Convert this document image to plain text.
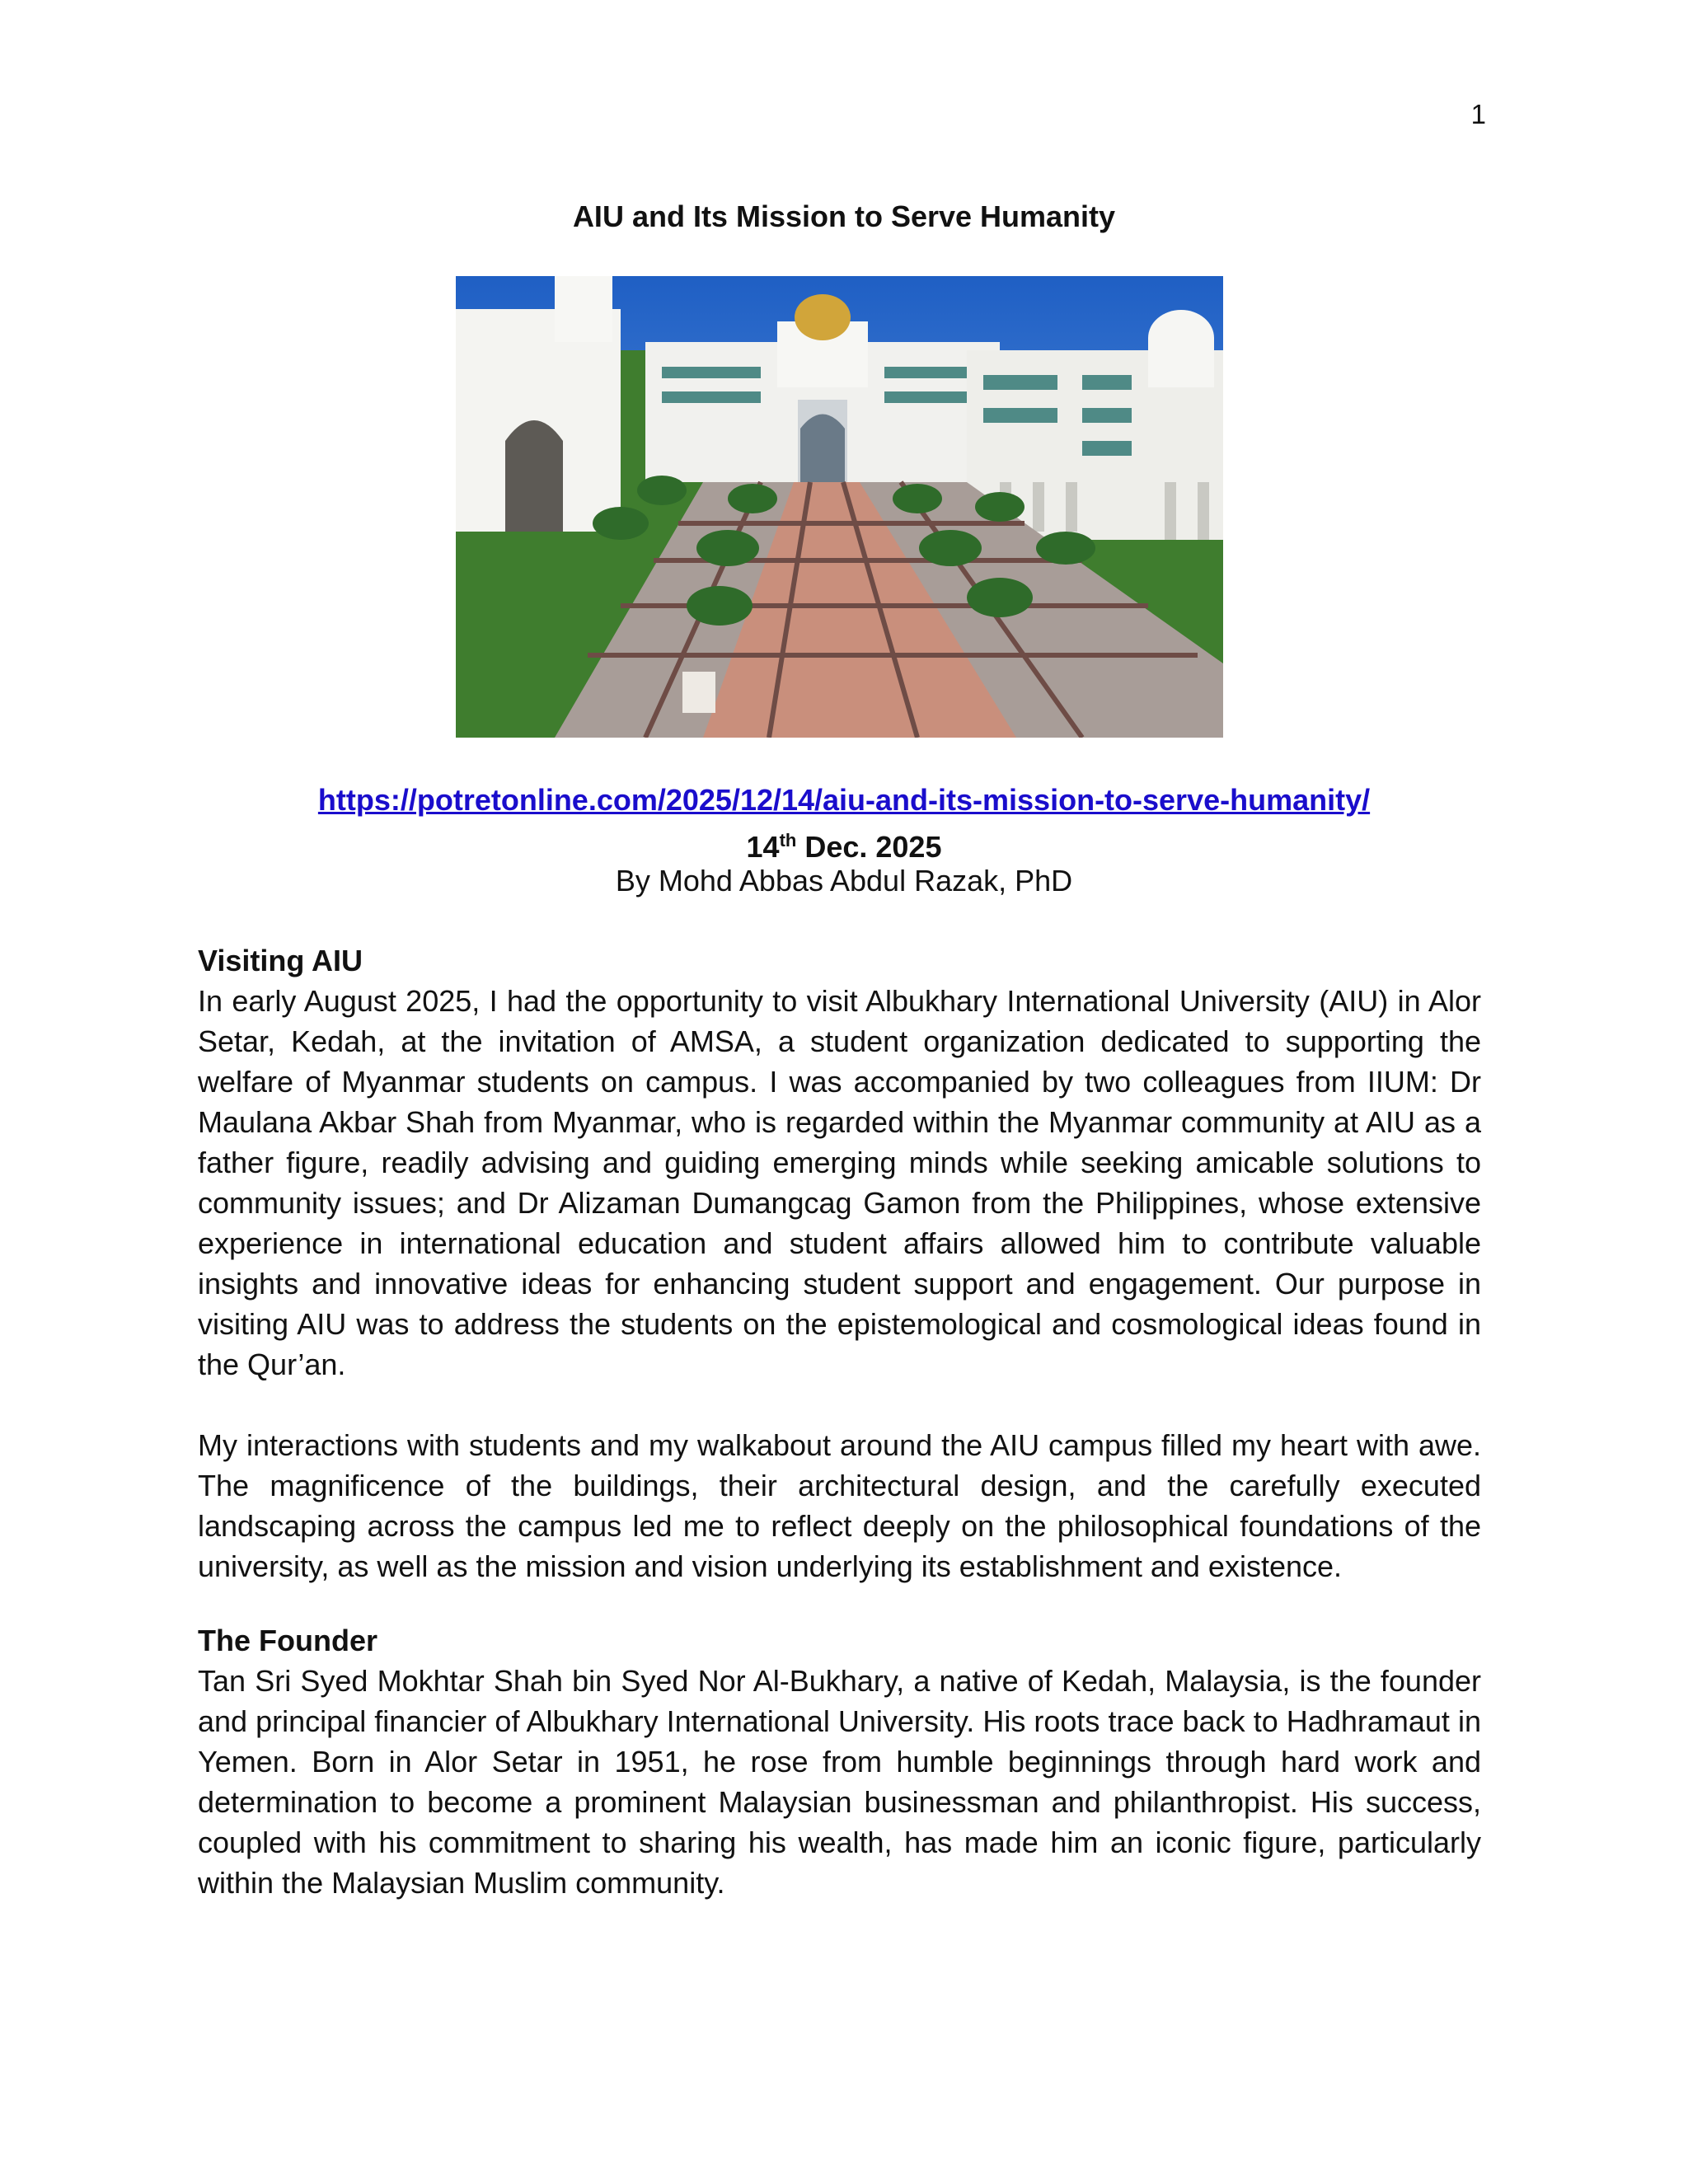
1
AIU and Its Mission to Serve Humanity
https://potretonline.com/2025/12/14/aiu-and-its-mission-to-serve-humanity/
14th Dec. 2025
By Mohd Abbas Abdul Razak, PhD
Visiting AIU
In early August 2025, I had the opportunity to visit Albukhary International University (AIU) in Alor Setar, Kedah, at the invitation of AMSA, a student organization dedicated to supporting the welfare of Myanmar students on campus. I was accompanied by two colleagues from IIUM: Dr Maulana Akbar Shah from Myanmar, who is regarded within the Myanmar community at AIU as a father figure, readily advising and guiding emerging minds while seeking amicable solutions to community issues; and Dr Alizaman Dumangcag Gamon from the Philippines, whose extensive experience in international education and student affairs allowed him to contribute valuable insights and innovative ideas for enhancing student support and engagement. Our purpose in visiting AIU was to address the students on the epistemological and cosmological ideas found in the Qur’an.
My interactions with students and my walkabout around the AIU campus filled my heart with awe. The magnificence of the buildings, their architectural design, and the carefully executed landscaping across the campus led me to reflect deeply on the philosophical foundations of the university, as well as the mission and vision underlying its establishment and existence.
The Founder
Tan Sri Syed Mokhtar Shah bin Syed Nor Al-Bukhary, a native of Kedah, Malaysia, is the founder and principal financier of Albukhary International University. His roots trace back to Hadhramaut in Yemen. Born in Alor Setar in 1951, he rose from humble beginnings through hard work and determination to become a prominent Malaysian businessman and philanthropist. His success, coupled with his commitment to sharing his wealth, has made him an iconic figure, particularly within the Malaysian Muslim community.
